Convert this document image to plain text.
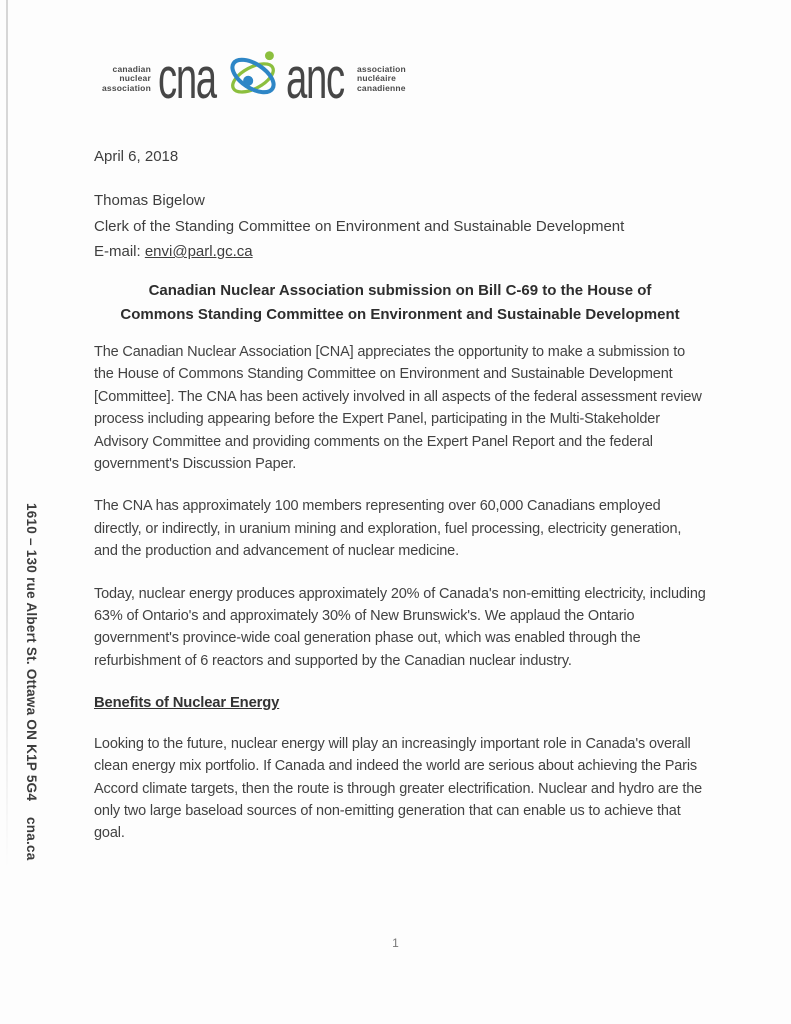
canadian
nuclear
association cna anc	association
nucléaire
canadienne
1610 – 130 rue Albert St. Ottawa ON K1P 5G4cna.ca

April 6, 2018

Thomas Bigelow
Clerk of the Standing Committee on Environment and Sustainable Development
E-mail: envi@parl.gc.ca
Canadian Nuclear Association submission on Bill C-69 to the House of
Commons Standing Committee on Environment and Sustainable Development

The Canadian Nuclear Association [CNA] appreciates the opportunity to make a submission to the House of Commons Standing Committee on Environment and Sustainable Development [Committee]. The CNA has been actively involved in all aspects of the federal assessment review process including appearing before the Expert Panel, participating in the Multi-Stakeholder Advisory Committee and providing comments on the Expert Panel Report and the federal government's Discussion Paper.

The CNA has approximately 100 members representing over 60,000 Canadians employed directly, or indirectly, in uranium mining and exploration, fuel processing, electricity generation, and the production and advancement of nuclear medicine.

Today, nuclear energy produces approximately 20% of Canada's non-emitting electricity, including 63% of Ontario's and approximately 30% of New Brunswick's. We applaud the Ontario government's province-wide coal generation phase out, which was enabled through the refurbishment of 6 reactors and supported by the Canadian nuclear industry.

Benefits of Nuclear Energy

Looking to the future, nuclear energy will play an increasingly important role in Canada's overall clean energy mix portfolio. If Canada and indeed the world are serious about achieving the Paris Accord climate targets, then the route is through greater electrification. Nuclear and hydro are the only two large baseload sources of non-emitting generation that can enable us to achieve that goal.

1
